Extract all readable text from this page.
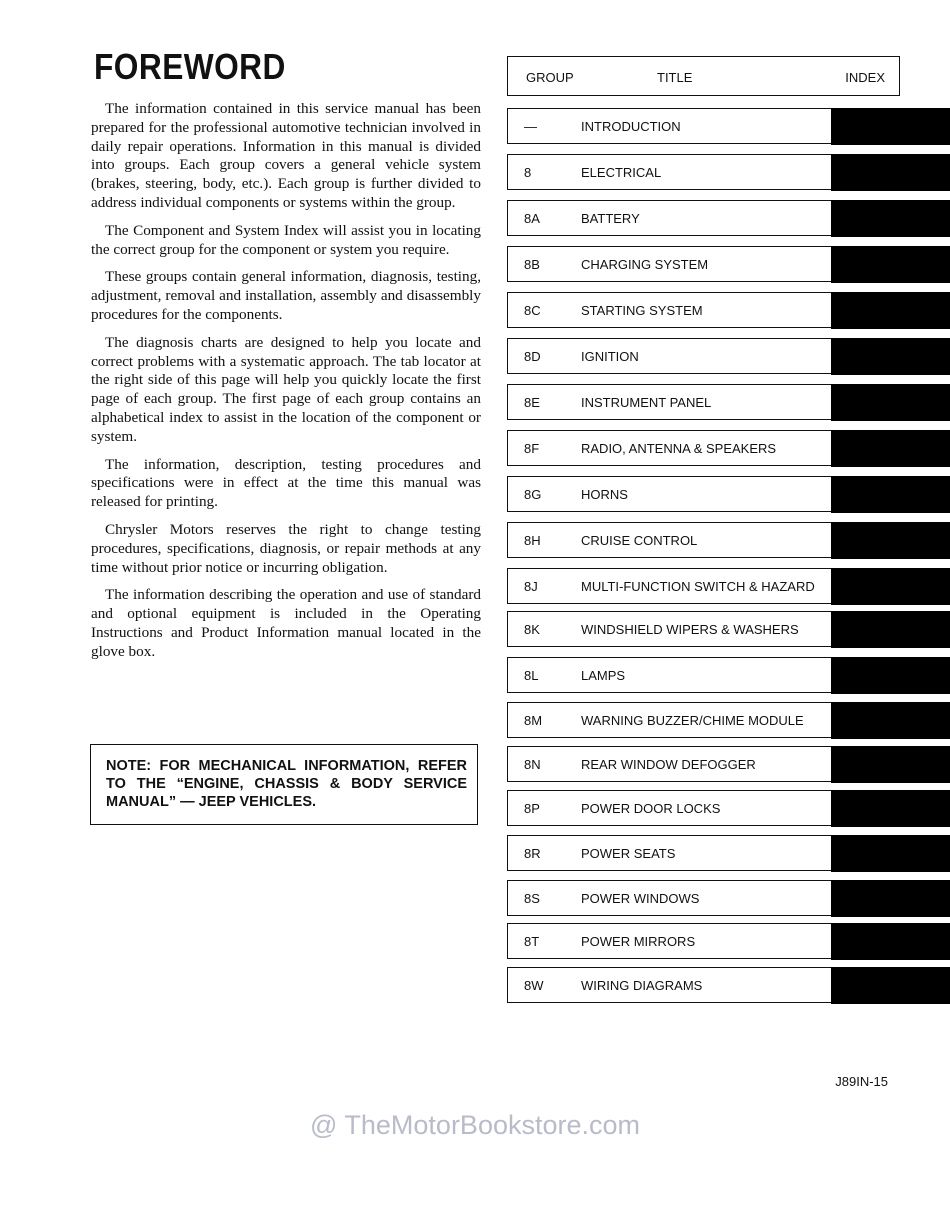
FOREWORD

The information contained in this service manual has been prepared for the professional automotive technician involved in daily repair operations. Information in this manual is divided into groups. Each group covers a general vehicle system (brakes, steering, body, etc.). Each group is further divided to address individual components or systems within the group.

The Component and System Index will assist you in locating the correct group for the component or system you require.

These groups contain general information, diagnosis, testing, adjustment, removal and installation, assembly and disassembly procedures for the components.

The diagnosis charts are designed to help you locate and correct problems with a systematic approach. The tab locator at the right side of this page will help you quickly locate the first page of each group. The first page of each group contains an alphabetical index to assist in the location of the component or system.

The information, description, testing procedures and specifications were in effect at the time this manual was released for printing.

Chrysler Motors reserves the right to change testing procedures, specifications, diagnosis, or repair methods at any time without prior notice or incurring obligation.

The information describing the operation and use of standard and optional equipment is included in the Operating Instructions and Product Information manual located in the glove box.

NOTE: FOR MECHANICAL INFORMATION, REFER TO THE “ENGINE, CHASSIS & BODY SERVICE MANUAL” — JEEP VEHICLES.
GROUP	TITLE	INDEX
—	INTRODUCTION
8	ELECTRICAL
8A	BATTERY
8B	CHARGING SYSTEM
8C	STARTING SYSTEM
8D	IGNITION
8E	INSTRUMENT PANEL
8F	RADIO, ANTENNA & SPEAKERS
8G	HORNS
8H	CRUISE CONTROL
8J	MULTI-FUNCTION SWITCH & HAZARD
8K	WINDSHIELD WIPERS & WASHERS
8L	LAMPS
8M	WARNING BUZZER/CHIME MODULE
8N	REAR WINDOW DEFOGGER
8P	POWER DOOR LOCKS
8R	POWER SEATS
8S	POWER WINDOWS
8T	POWER MIRRORS
8W	WIRING DIAGRAMS
J89IN-15
@ TheMotorBookstore.com
